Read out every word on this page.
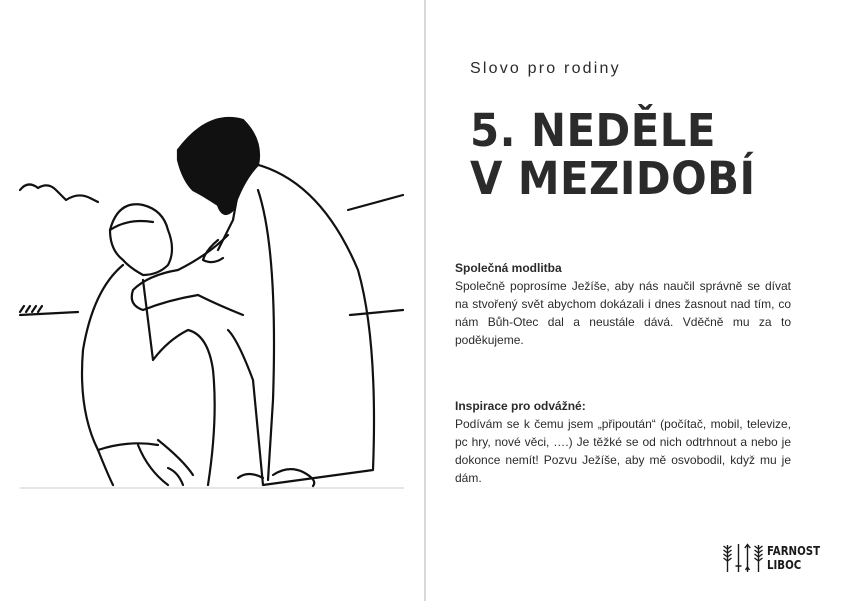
Slovo pro rodiny
5. NEDĚLE
V MEZIDOBÍ
Společná modlitba

Společně poprosíme Ježíše, aby nás naučil správně se dívat na stvořený svět abychom dokázali i dnes žasnout nad tím, co nám Bůh-Otec dal a neustále dává. Vděčně mu za to poděkujeme.

Inspirace pro odvážné:

Podívám se k čemu jsem „připoután“ (počítač, mobil, televize, pc hry, nové věci, ….) Je těžké se od nich odtrhnout a nebo je dokonce nemít! Pozvu Ježíše, aby mě osvobodil, když mu je dám.

FARNOST
LIBOC
